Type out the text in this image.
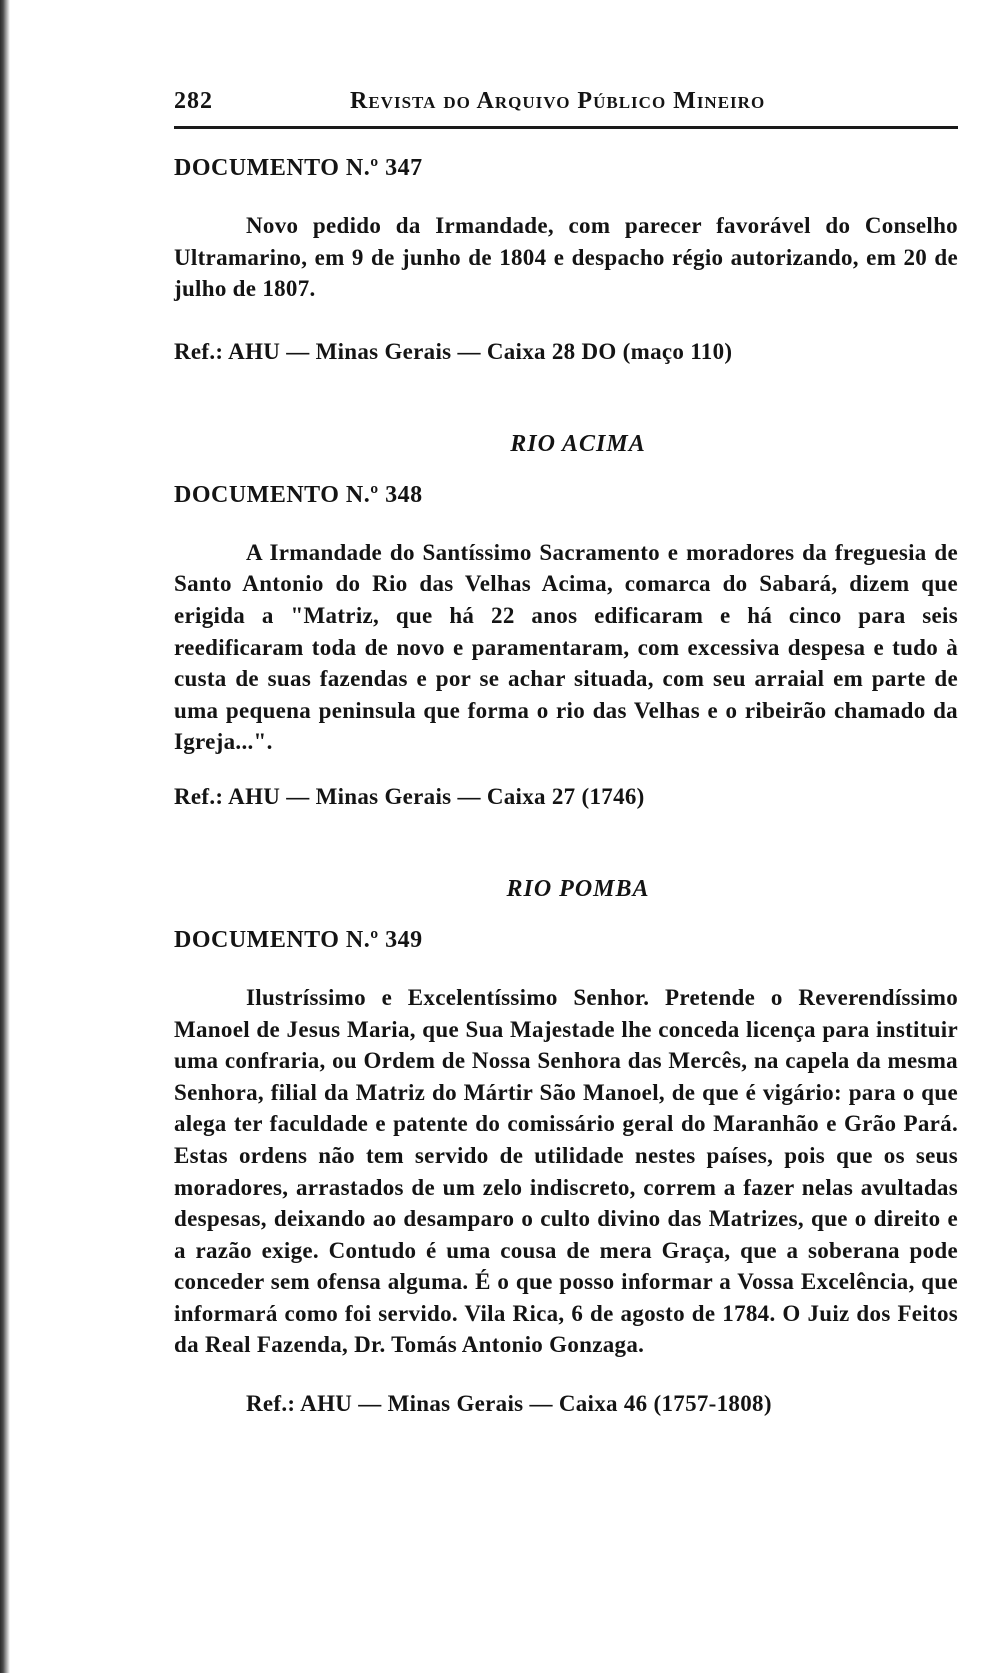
282	Revista do Arquivo Público Mineiro
DOCUMENTO N.º 347

Novo pedido da Irmandade, com parecer favorável do Conselho Ultramarino, em 9 de junho de 1804 e despacho régio autorizando, em 20 de julho de 1807.

Ref.: AHU — Minas Gerais — Caixa 28 DO (maço 110)

RIO ACIMA
DOCUMENTO N.º 348

A Irmandade do Santíssimo Sacramento e moradores da freguesia de Santo Antonio do Rio das Velhas Acima, comarca do Sabará, dizem que erigida a "Matriz, que há 22 anos edificaram e há cinco para seis reedificaram toda de novo e paramentaram, com excessiva despesa e tudo à custa de suas fazendas e por se achar situada, com seu arraial em parte de uma pequena peninsula que forma o rio das Velhas e o ribeirão chamado da Igreja...".

Ref.: AHU — Minas Gerais — Caixa 27 (1746)

RIO POMBA
DOCUMENTO N.º 349

Ilustríssimo e Excelentíssimo Senhor. Pretende o Reverendíssimo Manoel de Jesus Maria, que Sua Majestade lhe conceda licença para instituir uma confraria, ou Ordem de Nossa Senhora das Mercês, na capela da mesma Senhora, filial da Matriz do Mártir São Manoel, de que é vigário: para o que alega ter faculdade e patente do comissário geral do Maranhão e Grão Pará. Estas ordens não tem servido de utilidade nestes países, pois que os seus moradores, arrastados de um zelo indiscreto, correm a fazer nelas avultadas despesas, deixando ao desamparo o culto divino das Matrizes, que o direito e a razão exige. Contudo é uma cousa de mera Graça, que a soberana pode conceder sem ofensa alguma. É o que posso informar a Vossa Excelência, que informará como foi servido. Vila Rica, 6 de agosto de 1784. O Juiz dos Feitos da Real Fazenda, Dr. Tomás Antonio Gonzaga.

Ref.: AHU — Minas Gerais — Caixa 46 (1757-1808)
